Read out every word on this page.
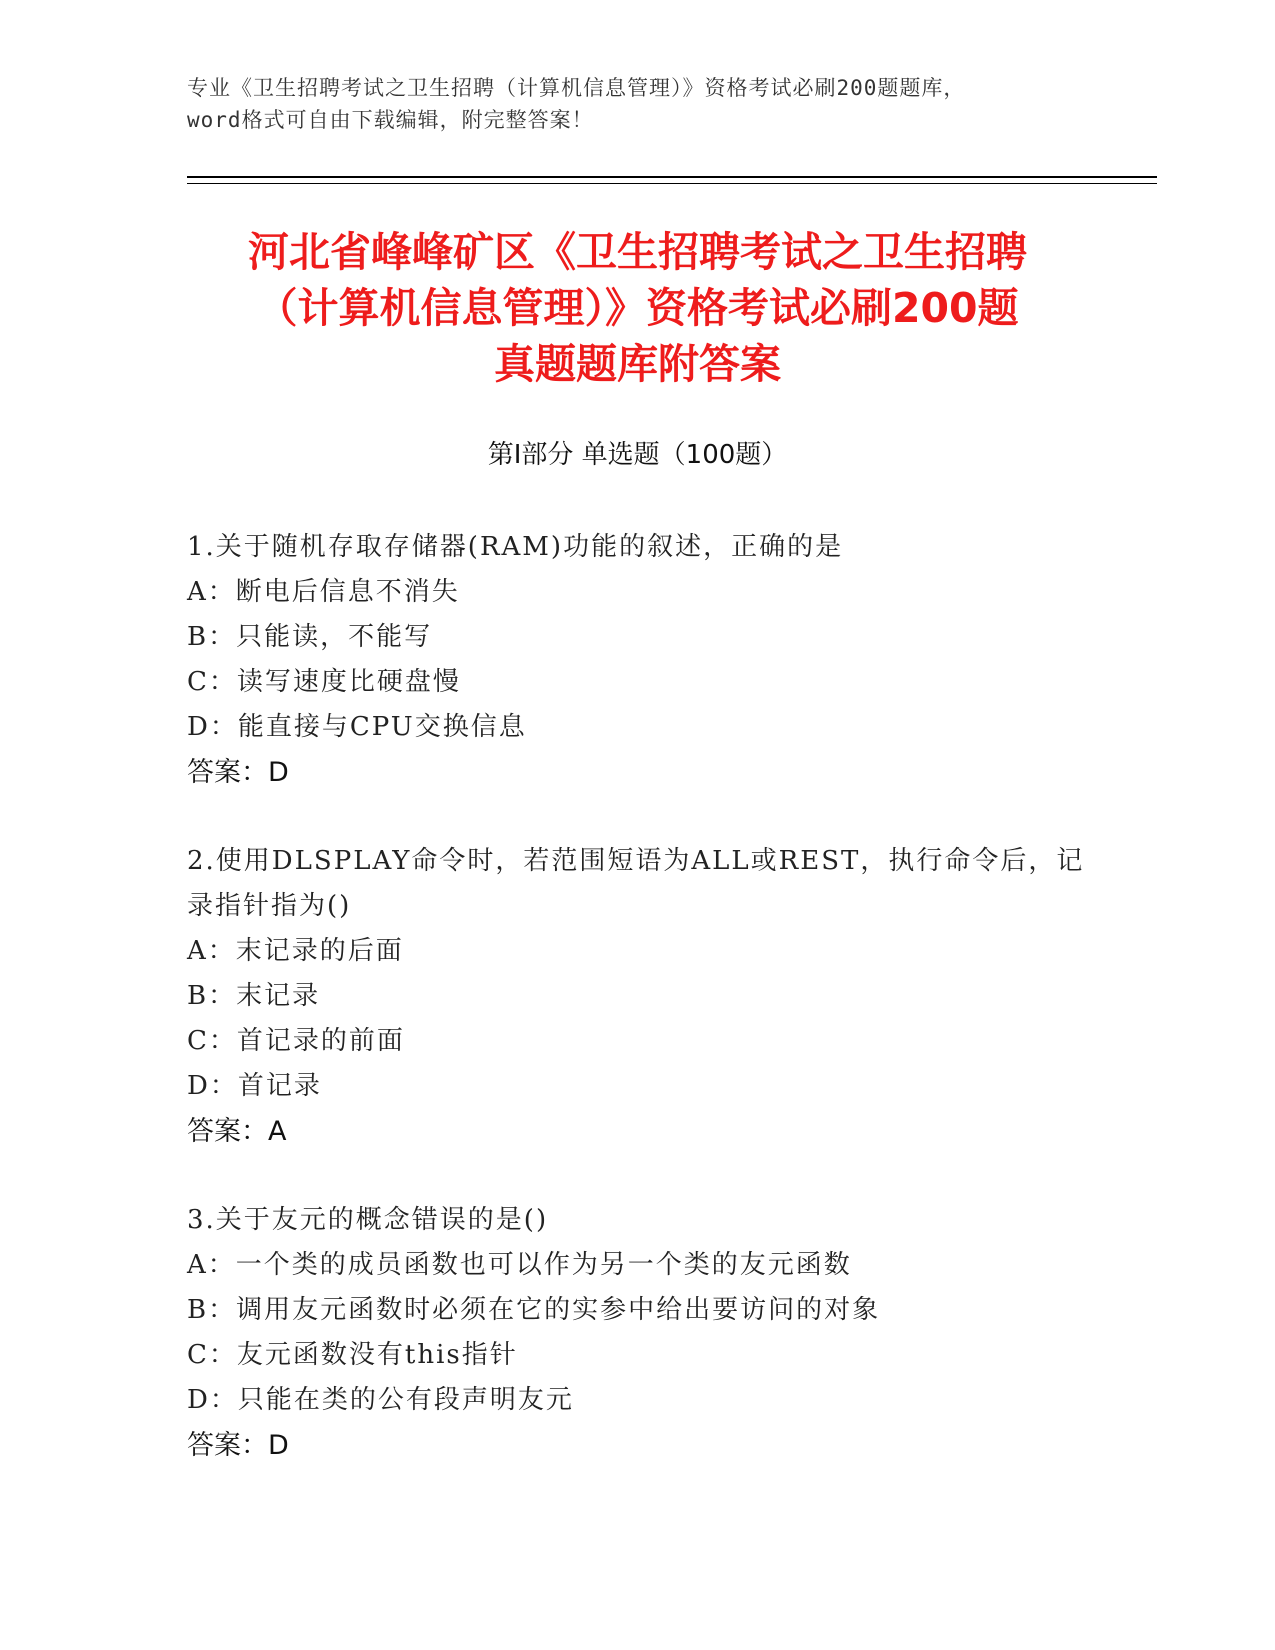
专业《卫生招聘考试之卫生招聘（计算机信息管理）》资格考试必刷200题题库，
word格式可自由下载编辑，附完整答案！
河北省峰峰矿区《卫生招聘考试之卫生招聘
（计算机信息管理）》资格考试必刷200题
真题题库附答案
第Ⅰ部分 单选题（100题）
1.关于随机存取存储器(RAM)功能的叙述，正确的是
A：断电后信息不消失
B：只能读，不能写
C：读写速度比硬盘慢
D：能直接与CPU交换信息
答案：D
2.使用DLSPLAY命令时，若范围短语为ALL或REST，执行命令后，记录指针指为()
A：末记录的后面
B：末记录
C：首记录的前面
D：首记录
答案：A
3.关于友元的概念错误的是()
A：一个类的成员函数也可以作为另一个类的友元函数
B：调用友元函数时必须在它的实参中给出要访问的对象
C：友元函数没有this指针
D：只能在类的公有段声明友元
答案：D
